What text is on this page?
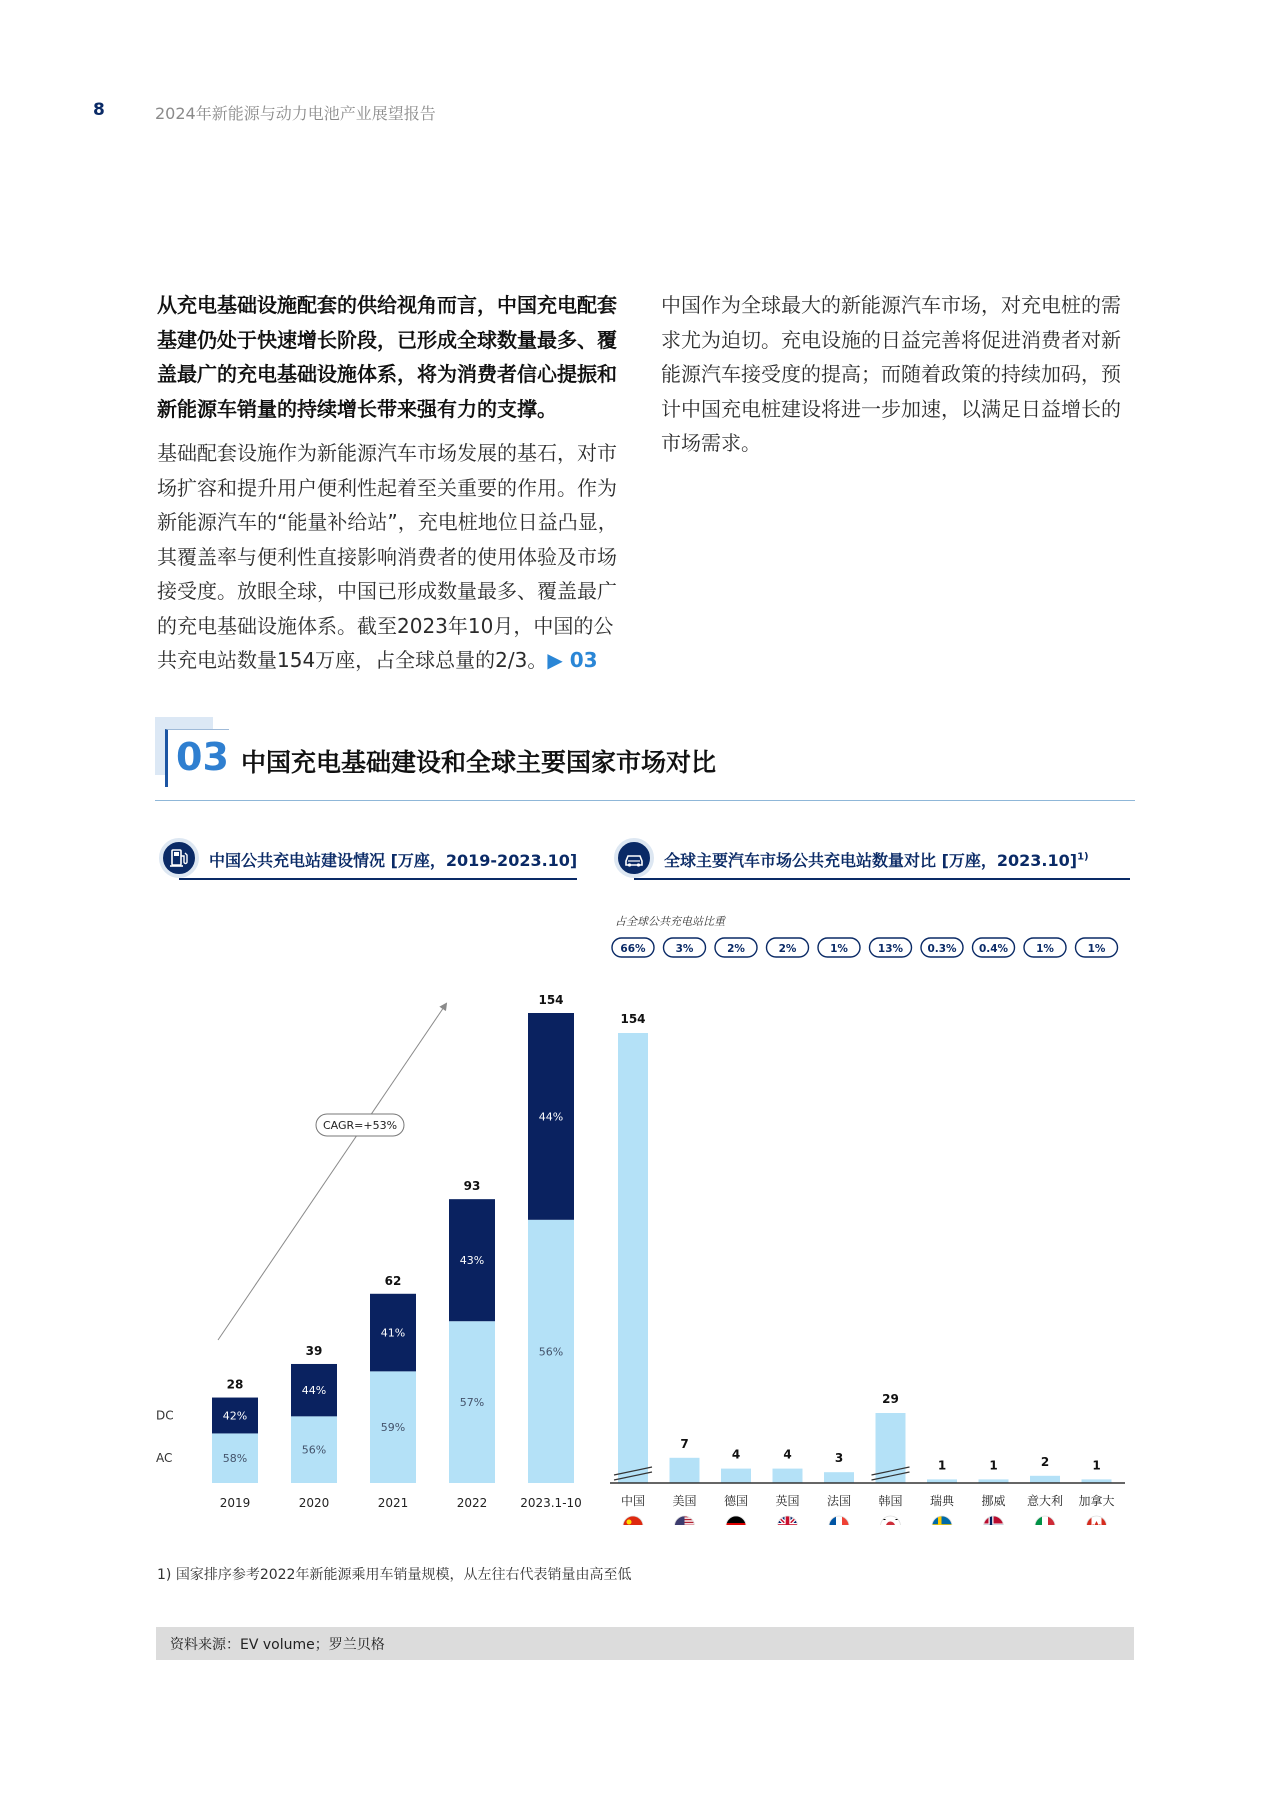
8	2024年新能源与动力电池产业展望报告

从充电基础设施配套的供给视角而言，中国充电配套基建仍处于快速增长阶段，已形成全球数量最多、覆盖最广的充电基础设施体系，将为消费者信心提振和新能源车销量的持续增长带来强有力的支撑。

基础配套设施作为新能源汽车市场发展的基石，对市场扩容和提升用户便利性起着至关重要的作用。作为新能源汽车的“能量补给站”，充电桩地位日益凸显，其覆盖率与便利性直接影响消费者的使用体验及市场接受度。放眼全球，中国已形成数量最多、覆盖最广的充电基础设施体系。截至2023年10月，中国的公共充电站数量154万座，占全球总量的2/3。▶ 03

中国作为全球最大的新能源汽车市场，对充电桩的需求尤为迫切。充电设施的日益完善将促进消费者对新能源汽车接受度的提高；而随着政策的持续加码，预计中国充电桩建设将进一步加速，以满足日益增长的市场需求。

03 中国充电基础建设和全球主要国家市场对比
中国公共充电站建设情况 [万座，2019-2023.10]	全球主要汽车市场公共充电站数量对比 [万座，2023.10]$^{1)}$
58%
42%
28
2019
56%
44%
39
2020
59%
41%
62
2021
57%
43%
93
2022
56%
44%
154
2023.1-10
AC
DC
CAGR=+53%
占全球公共充电站比重
66%	3%	2%	2%	1%	13% 0.3% 0.4%	1%	1%
154
中国
7
美国
4
德国
4
英国
3
法国
29
韩国
1
瑞典
1
挪威
2
意大利
1
加拿大
1) 国家排序参考2022年新能源乘用车销量规模，从左往右代表销量由高至低
资料来源：EV volume；罗兰贝格
